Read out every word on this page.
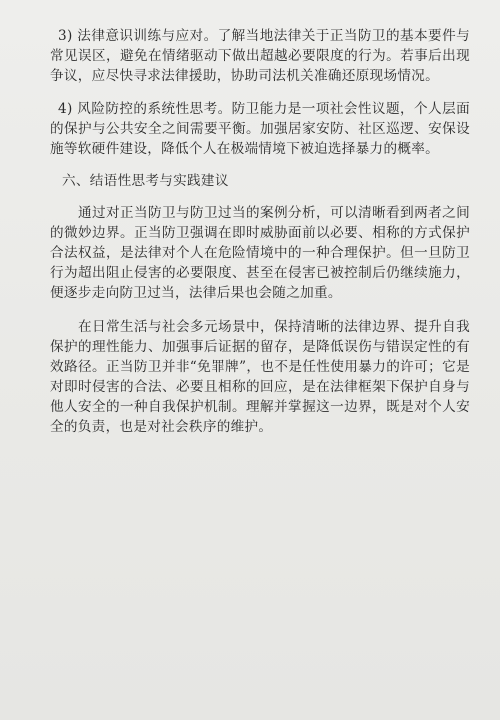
3) 法律意识训练与应对。了解当地法律关于正当防卫的基本要件与常见误区，避免在情绪驱动下做出超越必要限度的行为。若事后出现争议，应尽快寻求法律援助，协助司法机关准确还原现场情况。

4) 风险防控的系统性思考。防卫能力是一项社会性议题，个人层面的保护与公共安全之间需要平衡。加强居家安防、社区巡逻、安保设施等软硬件建设，降低个人在极端情境下被迫选择暴力的概率。

六、结语性思考与实践建议

通过对正当防卫与防卫过当的案例分析，可以清晰看到两者之间的微妙边界。正当防卫强调在即时威胁面前以必要、相称的方式保护合法权益，是法律对个人在危险情境中的一种合理保护。但一旦防卫行为超出阻止侵害的必要限度、甚至在侵害已被控制后仍继续施力，便逐步走向防卫过当，法律后果也会随之加重。

在日常生活与社会多元场景中，保持清晰的法律边界、提升自我保护的理性能力、加强事后证据的留存，是降低误伤与错误定性的有效路径。正当防卫并非“免罪牌”，也不是任性使用暴力的许可；它是对即时侵害的合法、必要且相称的回应，是在法律框架下保护自身与他人安全的一种自我保护机制。理解并掌握这一边界，既是对个人安全的负责，也是对社会秩序的维护。
